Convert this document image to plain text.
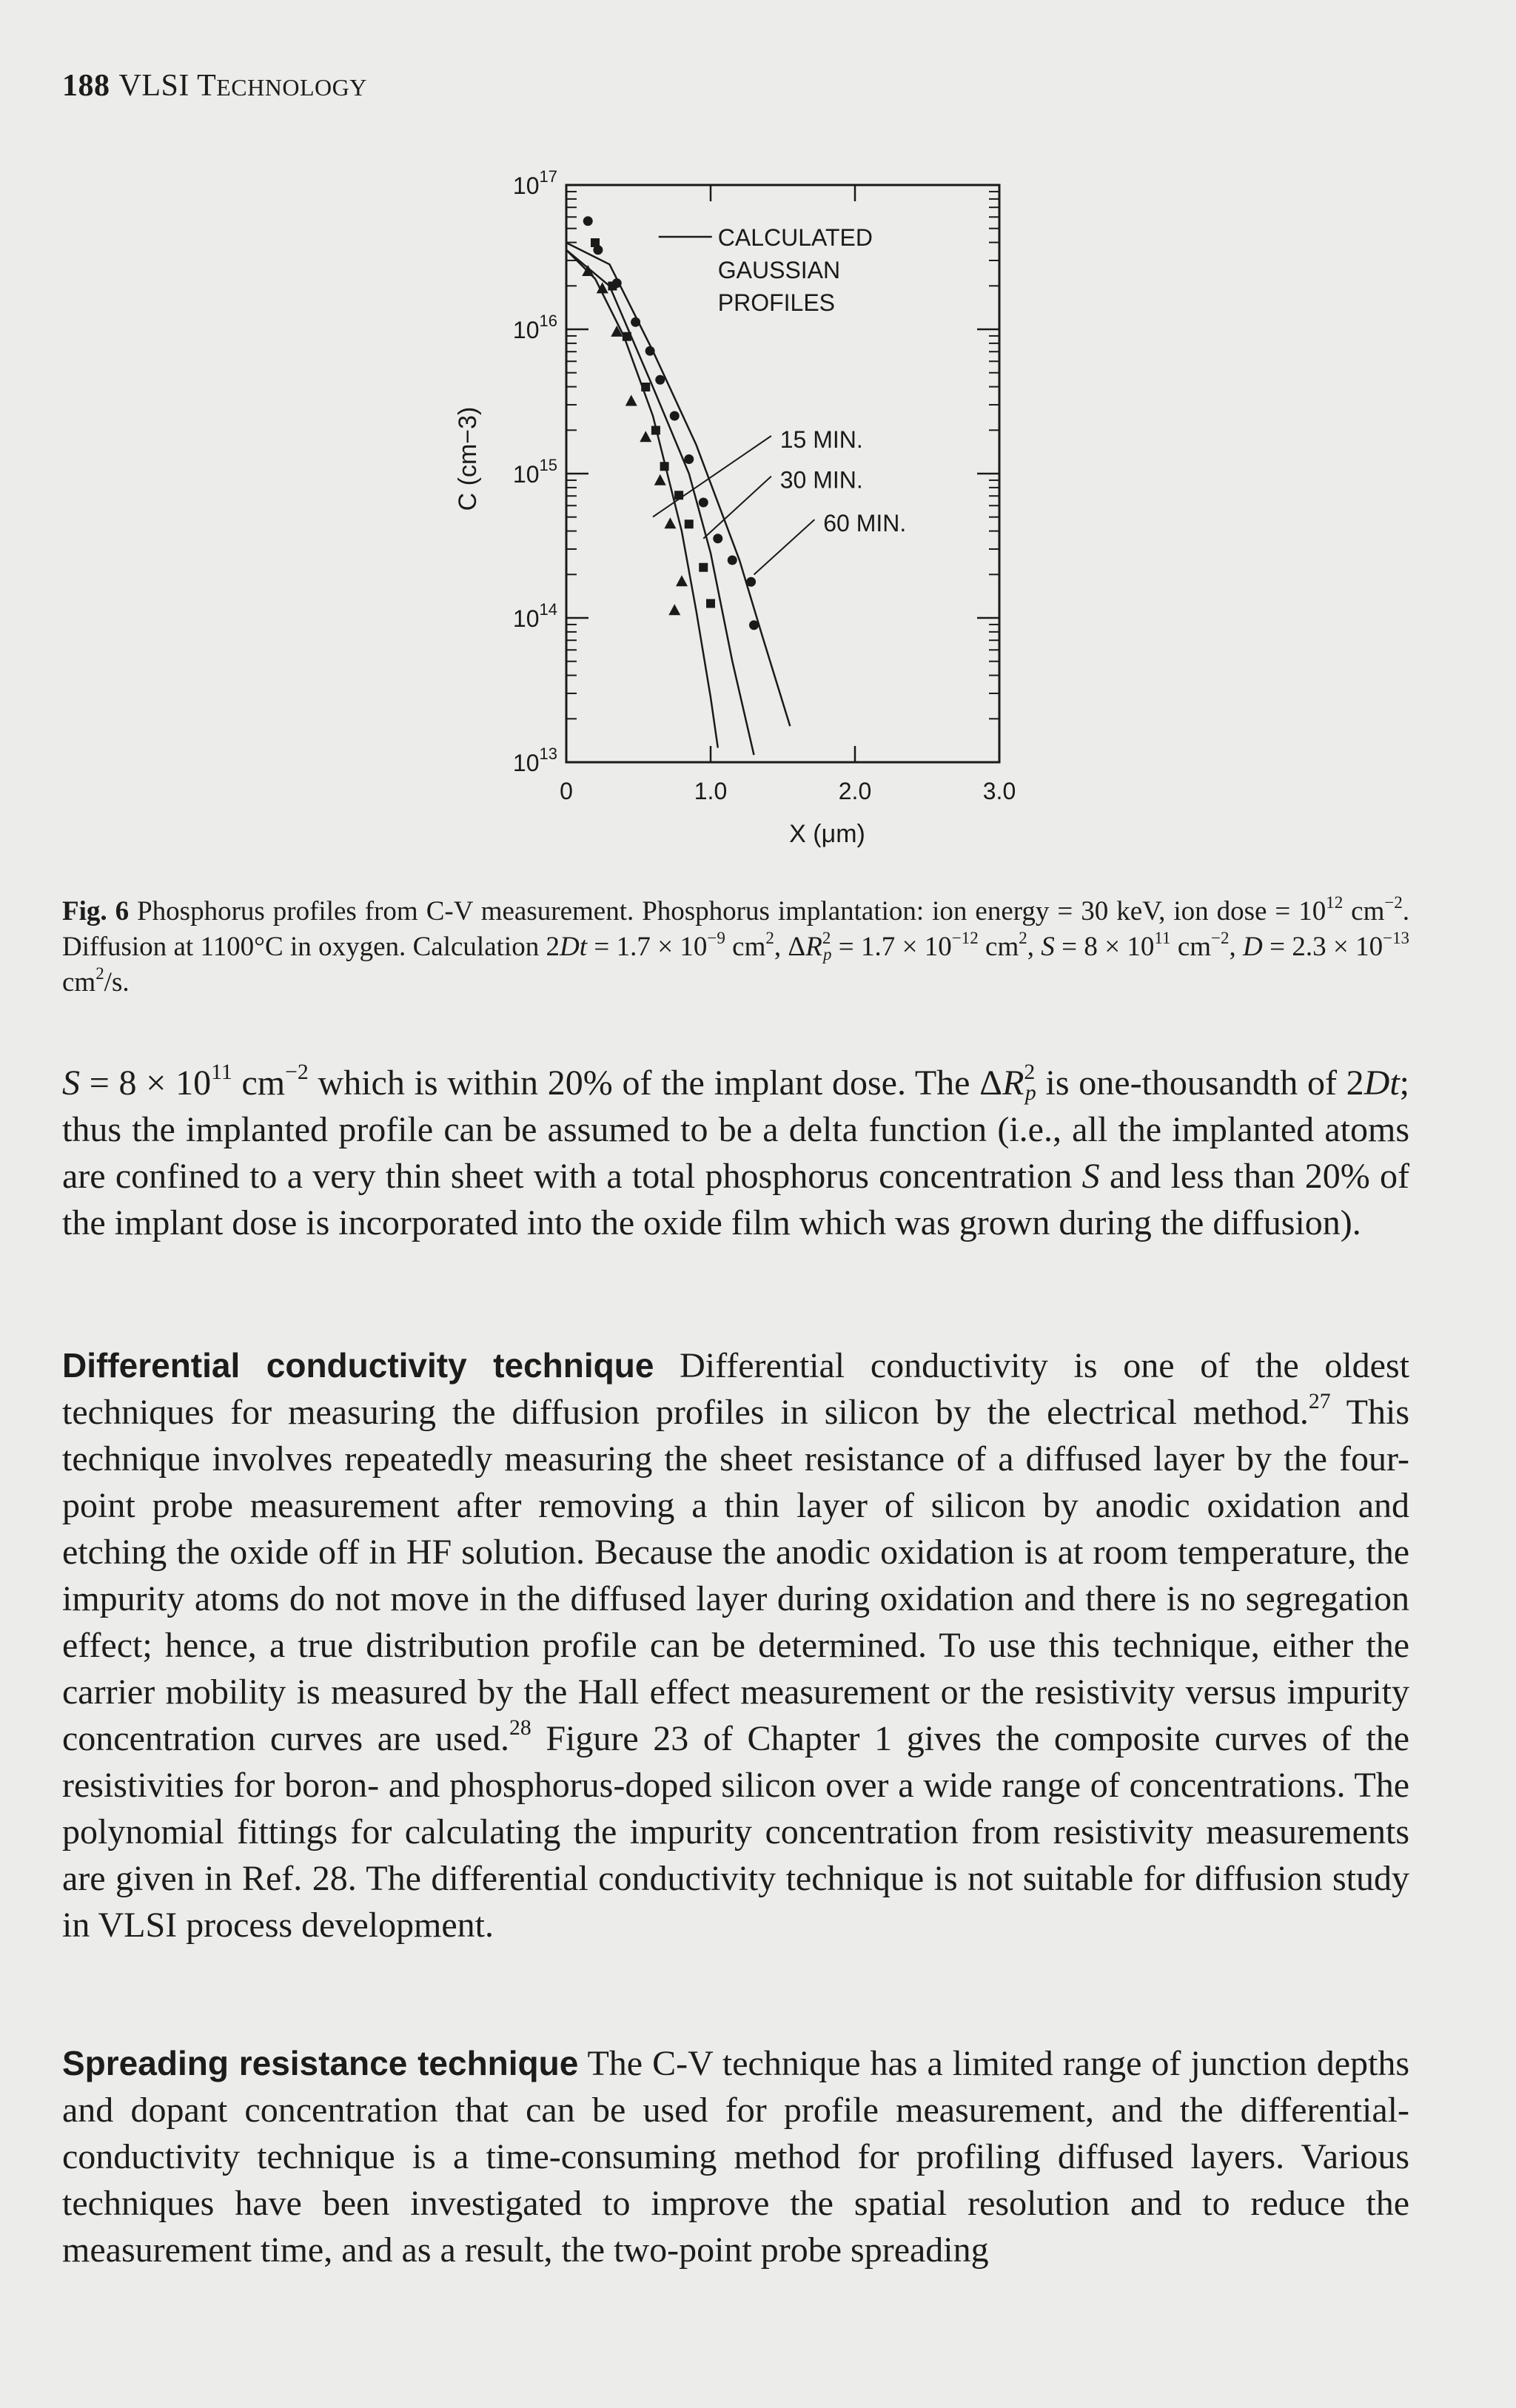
188 VLSI TECHNOLOGY
$10^{17}$
$10^{16}$
$10^{15}$
$10^{14}$
$10^{13}$
0	1.0	2.0	3.0
X (μm)
C (cm−3)
CALCULATED
GAUSSIAN
PROFILES
15 MIN.
30 MIN.
60 MIN.
Fig. 6 Phosphorus profiles from C-V measurement. Phosphorus implantation: ion energy = 30 keV, ion dose = $10^{12}$ $cm^{-2}$. Diffusion at 1100°C in oxygen. Calculation $2Dt = 1.7 \times 10^{-9}$ $cm^2$, $\Delta R^2_p = 1.7 \times 10^{-12}$ $cm^2$, $S = 8 \times 10^{11}$ $cm^{-2}$, $D = 2.3 \times 10^{-13}$ $cm^2/s$.

$S = 8 \times 10^{11}$ $cm^{-2}$ which is within 20% of the implant dose. The $\Delta R^2_p$ is one-thousandth of 2Dt; thus the implanted profile can be assumed to be a delta function (i.e., all the implanted atoms are confined to a very thin sheet with a total phosphorus concentration S and less than 20% of the implant dose is incorporated into the oxide film which was grown during the diffusion).

Differential conductivity technique Differential conductivity is one of the oldest techniques for measuring the diffusion profiles in silicon by the electrical method.$^{27}$ This technique involves repeatedly measuring the sheet resistance of a diffused layer by the four-point probe measurement after removing a thin layer of silicon by anodic oxidation and etching the oxide off in HF solution. Because the anodic oxidation is at room temperature, the impurity atoms do not move in the diffused layer during oxidation and there is no segregation effect; hence, a true distribution profile can be determined. To use this technique, either the carrier mobility is measured by the Hall effect measurement or the resistivity versus impurity concentration curves are used.$^{28}$ Figure 23 of Chapter 1 gives the composite curves of the resistivities for boron- and phosphorus-doped silicon over a wide range of concentrations. The polynomial fittings for calculating the impurity concentration from resistivity measurements are given in Ref. 28. The differential conductivity technique is not suitable for diffusion study in VLSI process development.

Spreading resistance technique The C-V technique has a limited range of junction depths and dopant concentration that can be used for profile measurement, and the differential-conductivity technique is a time-consuming method for profiling diffused layers. Various techniques have been investigated to improve the spatial resolution and to reduce the measurement time, and as a result, the two-point probe spreading
